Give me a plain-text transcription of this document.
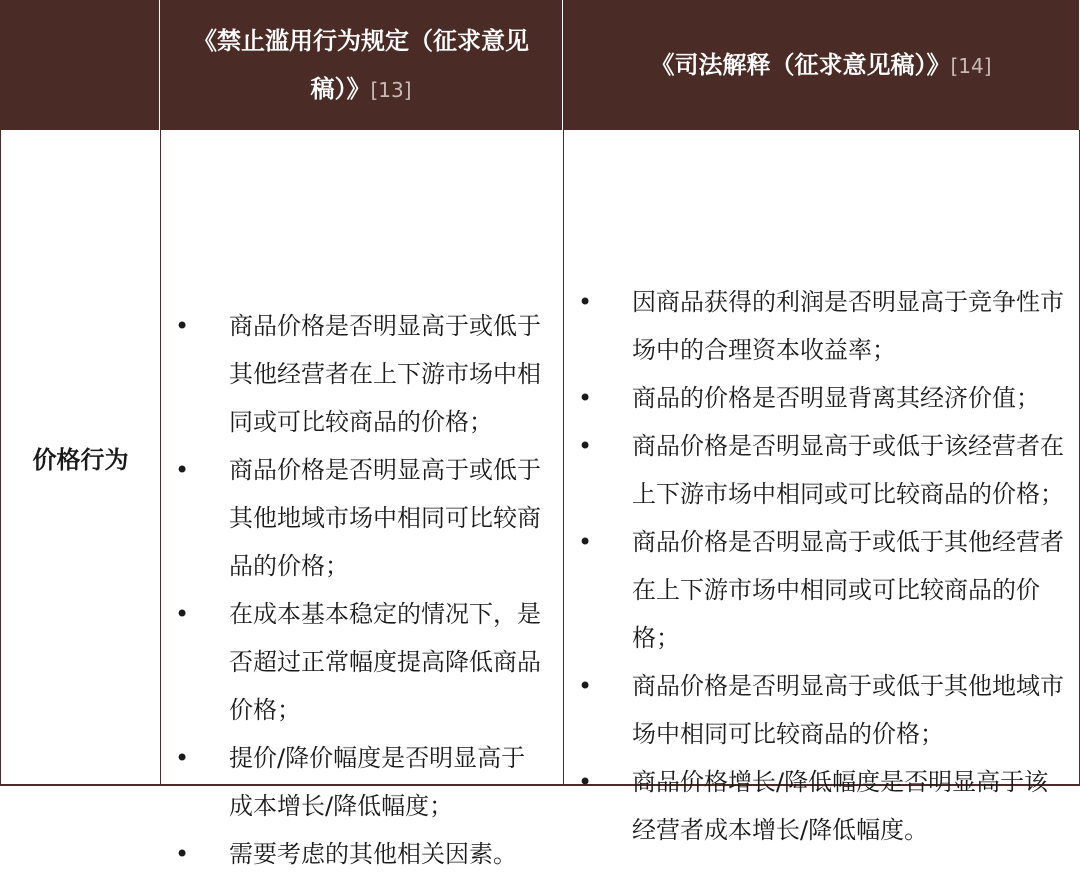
《禁止滥用行为规定（征求意见稿）》[13]
《司法解释（征求意见稿）》[14]
价格行为
• 商品价格是否明显高于或低于其他经营者在上下游市场中相同或可比较商品的价格；
• 商品价格是否明显高于或低于其他地域市场中相同可比较商品的价格；
• 在成本基本稳定的情况下，是否超过正常幅度提高降低商品价格；
• 提价/降价幅度是否明显高于成本增长/降低幅度；
• 需要考虑的其他相关因素。
• 因商品获得的利润是否明显高于竞争性市场中的合理资本收益率；
• 商品的价格是否明显背离其经济价值；
• 商品价格是否明显高于或低于该经营者在上下游市场中相同或可比较商品的价格；
• 商品价格是否明显高于或低于其他经营者在上下游市场中相同或可比较商品的价格；
• 商品价格是否明显高于或低于其他地域市场中相同可比较商品的价格；
• 商品价格增长/降低幅度是否明显高于该经营者成本增长/降低幅度。
